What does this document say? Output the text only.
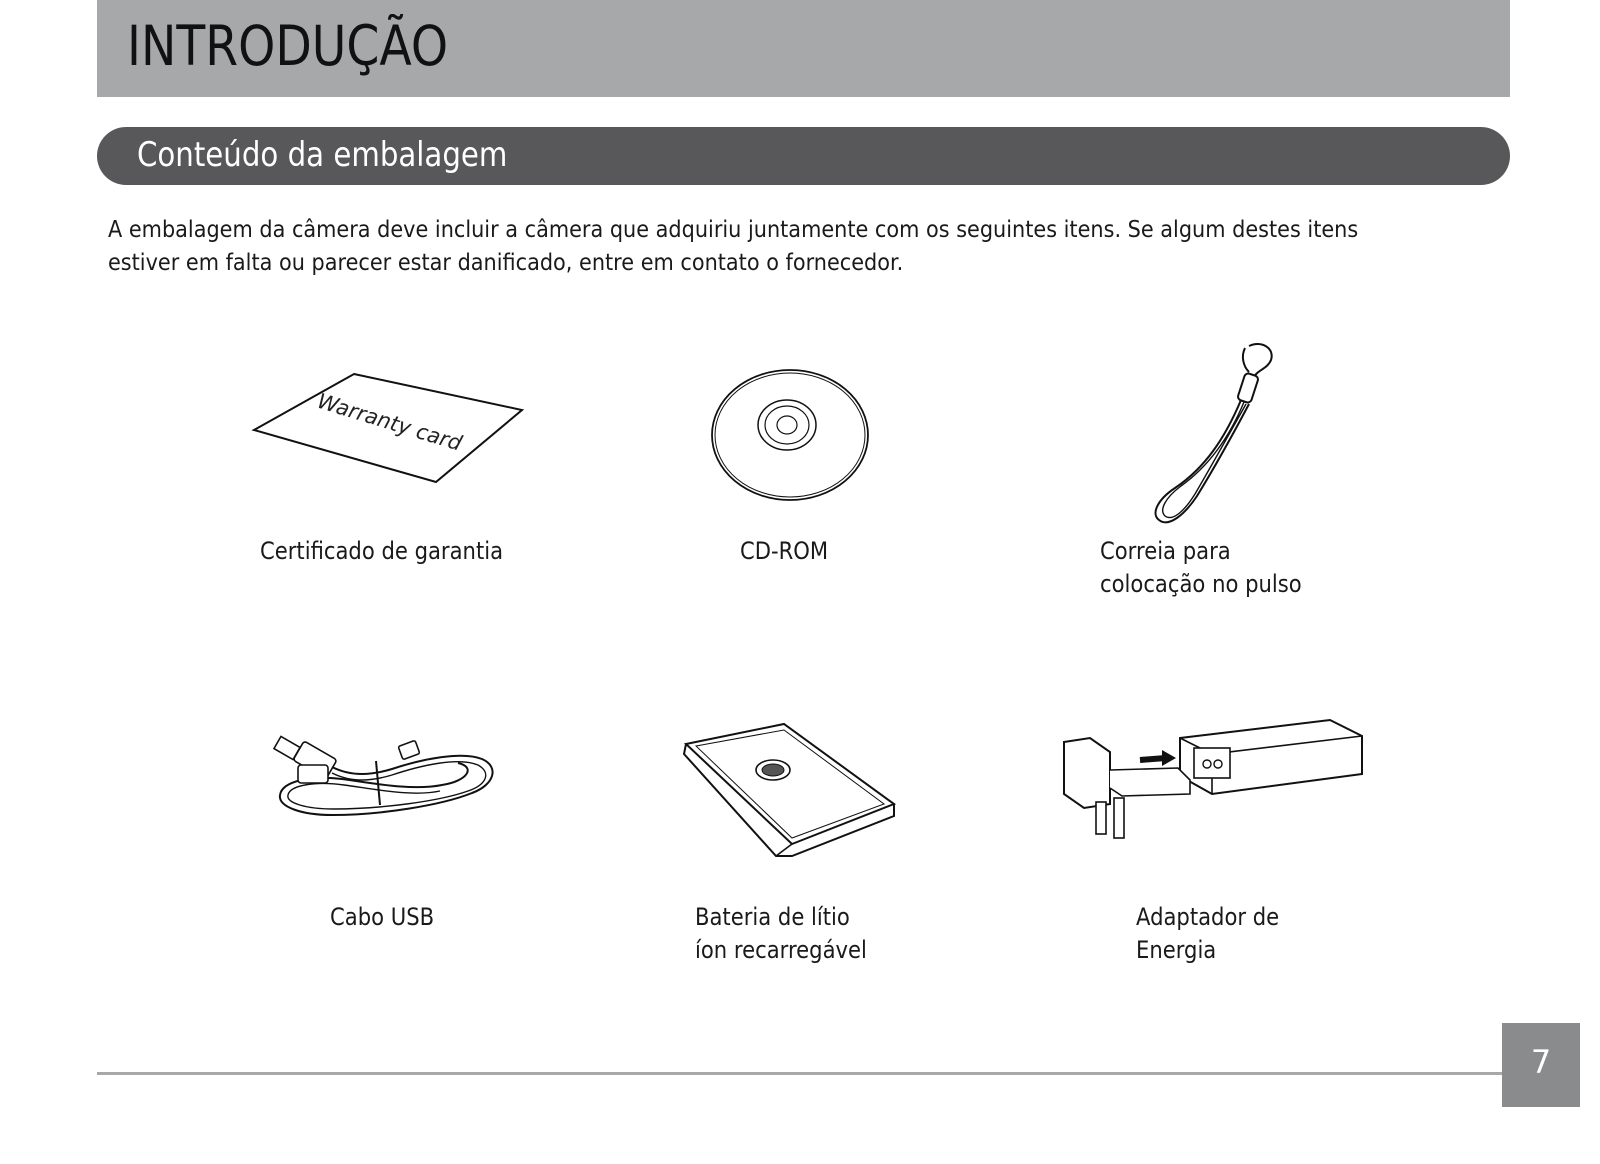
INTRODUÇÃO
Conteúdo da embalagem

A embalagem da câmera deve incluir a câmera que adquiriu juntamente com os seguintes itens. Se algum destes itens estiver em falta ou parecer estar danificado, entre em contato o fornecedor.

Warranty card
Certificado de garantia	CD-ROM	Correia para
colocação no pulso
Cabo USB	Bateria de lítio
íon recarregável
Adaptador de
Energia
7
